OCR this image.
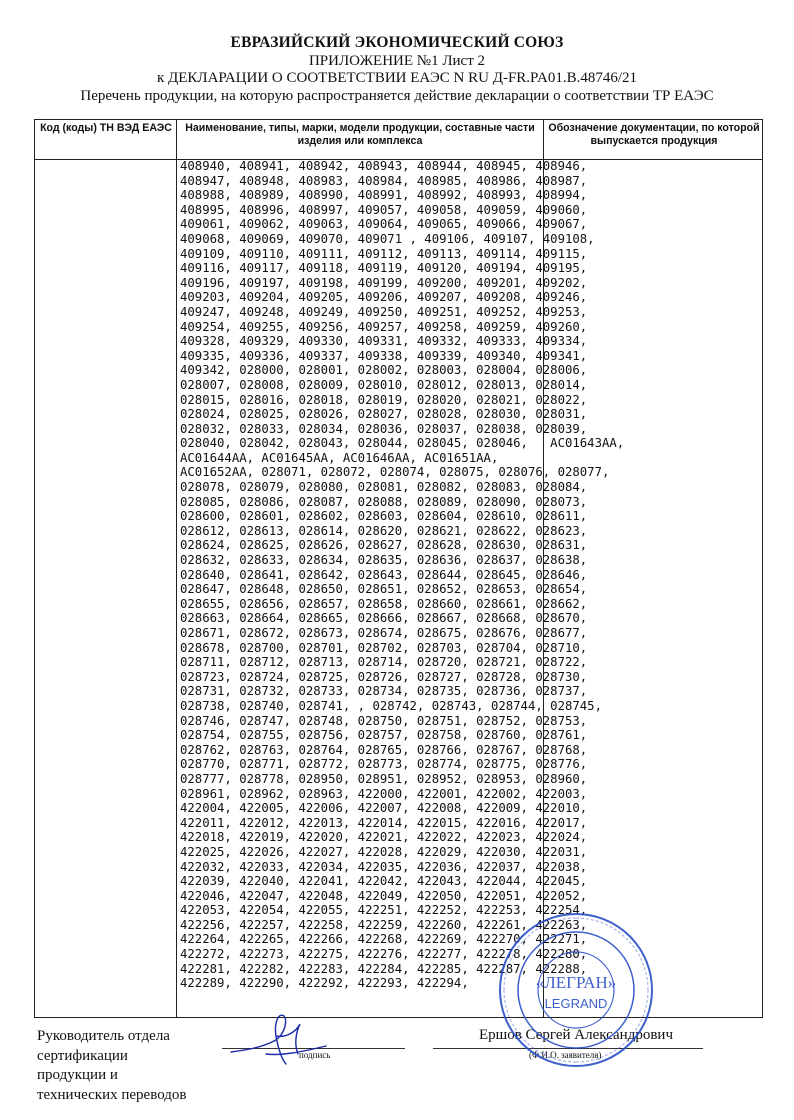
ЕВРАЗИЙСКИЙ ЭКОНОМИЧЕСКИЙ СОЮЗ
ПРИЛОЖЕНИЕ №1 Лист 2
к ДЕКЛАРАЦИИ О СООТВЕТСТВИИ ЕАЭС N RU Д-FR.PA01.B.48746/21
Перечень продукции, на которую распространяется действие декларации о соответствии ТР ЕАЭС
Код (коды) ТН ВЭД ЕАЭС	Наименование, типы, марки, модели продукции, составные части изделия или комплекса
Обозначение документации, по которой выпускается продукция
408940, 408941, 408942, 408943, 408944, 408945, 408946,
408947, 408948, 408983, 408984, 408985, 408986, 408987,
408988, 408989, 408990, 408991, 408992, 408993, 408994,
408995, 408996, 408997, 409057, 409058, 409059, 409060,
409061, 409062, 409063, 409064, 409065, 409066, 409067,
409068, 409069, 409070, 409071 , 409106, 409107, 409108,
409109, 409110, 409111, 409112, 409113, 409114, 409115,
409116, 409117, 409118, 409119, 409120, 409194, 409195,
409196, 409197, 409198, 409199, 409200, 409201, 409202,
409203, 409204, 409205, 409206, 409207, 409208, 409246,
409247, 409248, 409249, 409250, 409251, 409252, 409253,
409254, 409255, 409256, 409257, 409258, 409259, 409260,
409328, 409329, 409330, 409331, 409332, 409333, 409334,
409335, 409336, 409337, 409338, 409339, 409340, 409341,
409342, 028000, 028001, 028002, 028003, 028004, 028006,
028007, 028008, 028009, 028010, 028012, 028013, 028014,
028015, 028016, 028018, 028019, 028020, 028021, 028022,
028024, 028025, 028026, 028027, 028028, 028030, 028031,
028032, 028033, 028034, 028036, 028037, 028038, 028039,
028040, 028042, 028043, 028044, 028045, 028046,   AC01643AA,
AC01644AA, AC01645AA, AC01646AA, AC01651AA,
AC01652AA, 028071, 028072, 028074, 028075, 028076, 028077,
028078, 028079, 028080, 028081, 028082, 028083, 028084,
028085, 028086, 028087, 028088, 028089, 028090, 028073,
028600, 028601, 028602, 028603, 028604, 028610, 028611,
028612, 028613, 028614, 028620, 028621, 028622, 028623,
028624, 028625, 028626, 028627, 028628, 028630, 028631,
028632, 028633, 028634, 028635, 028636, 028637, 028638,
028640, 028641, 028642, 028643, 028644, 028645, 028646,
028647, 028648, 028650, 028651, 028652, 028653, 028654,
028655, 028656, 028657, 028658, 028660, 028661, 028662,
028663, 028664, 028665, 028666, 028667, 028668, 028670,
028671, 028672, 028673, 028674, 028675, 028676, 028677,
028678, 028700, 028701, 028702, 028703, 028704, 028710,
028711, 028712, 028713, 028714, 028720, 028721, 028722,
028723, 028724, 028725, 028726, 028727, 028728, 028730,
028731, 028732, 028733, 028734, 028735, 028736, 028737,
028738, 028740, 028741, , 028742, 028743, 028744, 028745,
028746, 028747, 028748, 028750, 028751, 028752, 028753,
028754, 028755, 028756, 028757, 028758, 028760, 028761,
028762, 028763, 028764, 028765, 028766, 028767, 028768,
028770, 028771, 028772, 028773, 028774, 028775, 028776,
028777, 028778, 028950, 028951, 028952, 028953, 028960,
028961, 028962, 028963, 422000, 422001, 422002, 422003,
422004, 422005, 422006, 422007, 422008, 422009, 422010,
422011, 422012, 422013, 422014, 422015, 422016, 422017,
422018, 422019, 422020, 422021, 422022, 422023, 422024,
422025, 422026, 422027, 422028, 422029, 422030, 422031,
422032, 422033, 422034, 422035, 422036, 422037, 422038,
422039, 422040, 422041, 422042, 422043, 422044, 422045,
422046, 422047, 422048, 422049, 422050, 422051, 422052,
422053, 422054, 422055, 422251, 422252, 422253, 422254,
422256, 422257, 422258, 422259, 422260, 422261, 422263,
422264, 422265, 422266, 422268, 422269, 422270, 422271,
422272, 422273, 422275, 422276, 422277, 422278, 422280,
422281, 422282, 422283, 422284, 422285, 422287, 422288,
422289, 422290, 422292, 422293, 422294,
Руководитель отдела
сертификации
продукции и
технических переводов
подпись
Ершов Сергей Александрович
(Ф.И.О. заявителя)
«ЛЕГРАН»
LEGRAND
